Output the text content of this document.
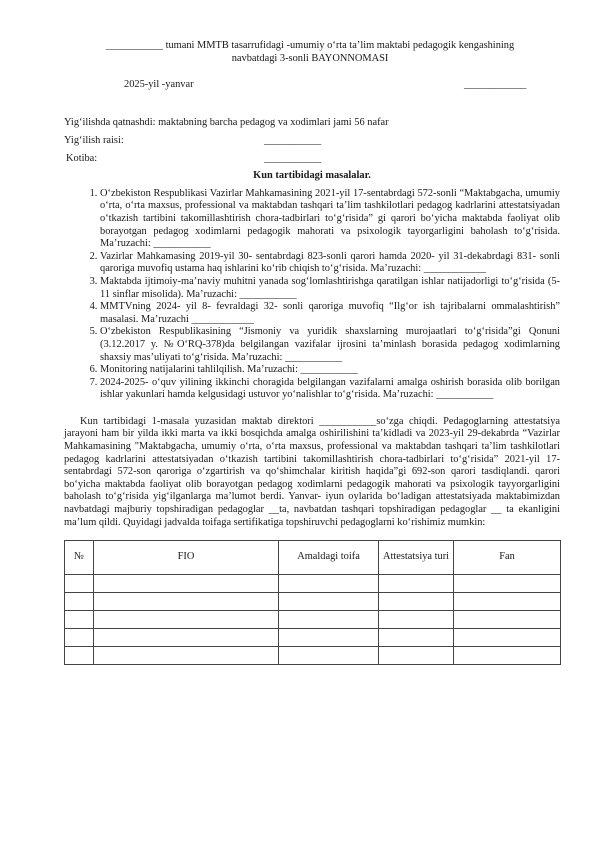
___________ tumani MMTB tasarrufidagi -umumiy o‘rta ta’lim maktabi pedagogik kengashining

navbatdagi 3-sonli BAYONNOMASI

2025-yil -yanvar	____________
Yig‘ilishda qatnashdi: maktabning barcha pedagog va xodimlari jami 56 nafar
Yig‘ilish raisi:	___________
Kotiba:	___________
Kun tartibidagi masalalar.
1. O‘zbekiston Respublikasi Vazirlar Mahkamasining 2021-yil 17-sentabrdagi 572-sonli “Maktabgacha, umumiy o‘rta, o‘rta maxsus, professional va maktabdan tashqari ta’lim tashkilotlari pedagog kadrlarini attestatsiyadan o‘tkazish tartibini takomillashtirish chora-tadbirlari to‘g‘risida” gi qarori bo‘yicha maktabda faoliyat olib borayotgan pedagog xodimlarni pedagogik mahorati va psixologik tayorgarligini baholash to‘g‘risida. Ma’ruzachi: ___________
2. Vazirlar Mahkamasing 2019-yil 30- sentabrdagi 823-sonli qarori hamda 2020- yil 31-dekabrdagi 831- sonli qaroriga muvofiq ustama haq ishlarini ko‘rib chiqish to‘g‘risida. Ma’ruzachi: ____________
3. Maktabda ijtimoiy-ma’naviy muhitni yanada sog‘lomlashtirishga qaratilgan ishlar natijadorligi to‘g‘risida (5-11 sinflar misolida). Ma’ruzachi: ___________
4. MMTVning 2024- yil 8- fevraldagi 32- sonli qaroriga muvofiq “Ilg‘or ish tajribalarni ommalashtirish” masalasi. Ma’ruzachi ____________
5. O‘zbekiston Respublikasining “Jismoniy va yuridik shaxslarning murojaatlari to‘g‘risida”gi Qonuni (3.12.2017 y. №O‘RQ-378)da belgilangan vazifalar ijrosini ta’minlash borasida pedagog xodimlarning shaxsiy mas’uliyati to‘g‘risida. Ma’ruzachi: ___________
6. Monitoring natijalarini tahlilqilish. Ma’ruzachi: ___________
7. 2024-2025- o‘quv yilining ikkinchi choragida belgilangan vazifalarni amalga oshirish borasida olib borilgan ishlar yakunlari hamda kelgusidagi ustuvor yo‘nalishlar to‘g‘risida. Ma’ruzachi: ___________

Kun tartibidagi 1-masala yuzasidan maktab direktori ___________so‘zga chiqdi. Pedagoglarning attestatsiya jarayoni ham bir yilda ikki marta va ikki bosqichda amalga oshirilishini ta’kidladi va 2023-yil 29-dekabrda “Vazirlar Mahkamasining "Maktabgacha, umumiy o‘rta, o‘rta maxsus, professional va maktabdan tashqari ta’lim tashkilotlari pedagog kadrlarini attestatsiyadan o‘tkazish tartibini takomillashtirish chora-tadbirlari to‘g‘risida” 2021-yil 17-sentabrdagi 572-son qaroriga o‘zgartirish va qo‘shimchalar kiritish haqida”gi 692-son qarori tasdiqlandi. qarori bo‘yicha maktabda faoliyat olib borayotgan pedagog xodimlarni pedagogik mahorati va psixologik tayyorgarligini baholash to‘g‘risida yig‘ilganlarga ma’lumot berdi. Yanvar- iyun oylarida bo‘ladigan attestatsiyada maktabimizdan navbatdagi majburiy topshiradigan pedagoglar __ta, navbatdan tashqari topshiradigan pedagoglar __ ta ekanligini ma’lum qildi. Quyidagi jadvalda toifaga sertifikatiga topshiruvchi pedagoglarni ko‘rishimiz mumkin:

№	FIO	Amaldagi toifa	Attestatsiya turi	Fan
